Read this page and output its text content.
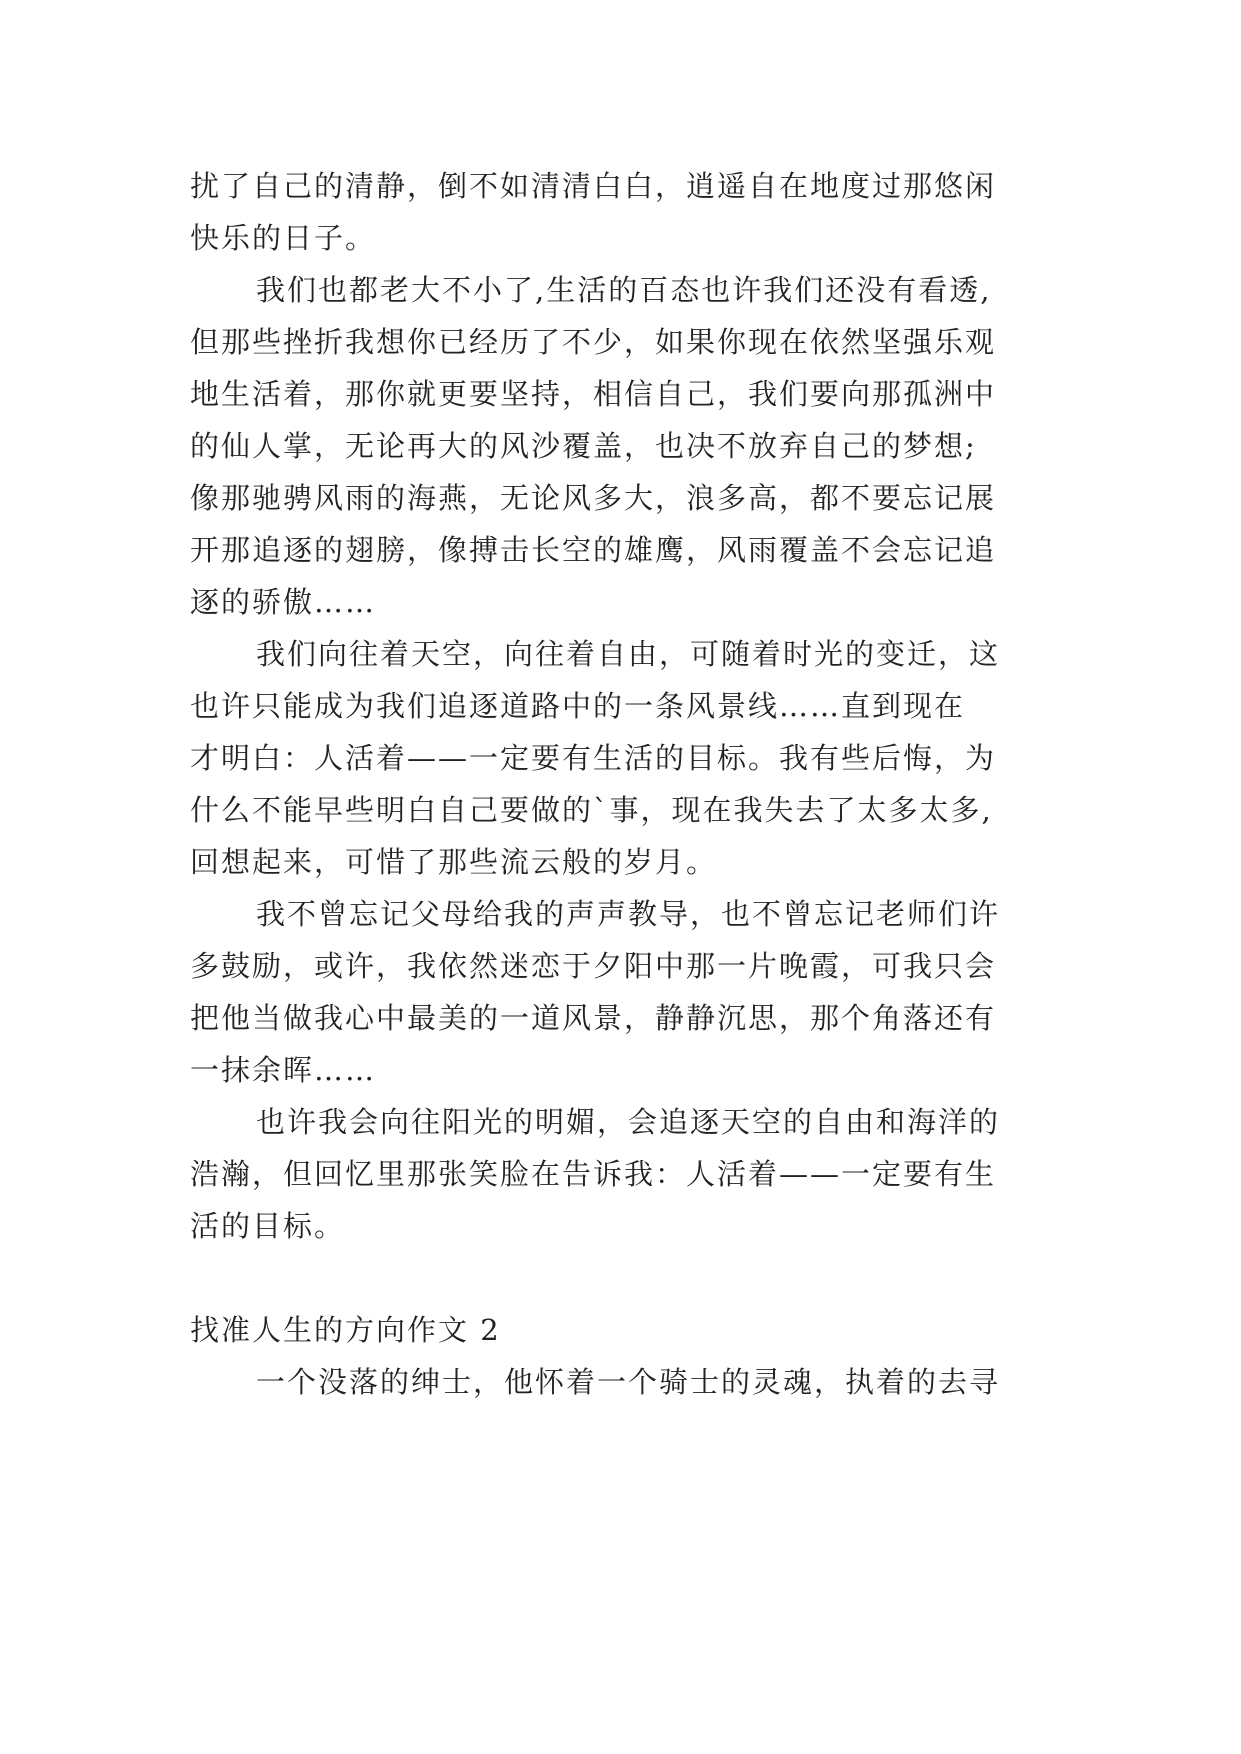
扰了自己的清静，倒不如清清白白，逍遥自在地度过那悠闲
快乐的日子。
我们也都老大不小了,生活的百态也许我们还没有看透,
但那些挫折我想你已经历了不少，如果你现在依然坚强乐观
地生活着，那你就更要坚持，相信自己，我们要向那孤洲中
的仙人掌，无论再大的风沙覆盖，也决不放弃自己的梦想;
像那驰骋风雨的海燕，无论风多大，浪多高，都不要忘记展
开那追逐的翅膀，像搏击长空的雄鹰，风雨覆盖不会忘记追
逐的骄傲……
我们向往着天空，向往着自由，可随着时光的变迁，这
也许只能成为我们追逐道路中的一条风景线……直到现在
才明白：人活着——一定要有生活的目标。我有些后悔，为
什么不能早些明白自己要做的`事，现在我失去了太多太多,
回想起来，可惜了那些流云般的岁月。
我不曾忘记父母给我的声声教导，也不曾忘记老师们许
多鼓励，或许，我依然迷恋于夕阳中那一片晚霞，可我只会
把他当做我心中最美的一道风景，静静沉思，那个角落还有
一抹余晖……
也许我会向往阳光的明媚，会追逐天空的自由和海洋的
浩瀚，但回忆里那张笑脸在告诉我：人活着——一定要有生
活的目标。
找准人生的方向作文 2
一个没落的绅士，他怀着一个骑士的灵魂，执着的去寻
